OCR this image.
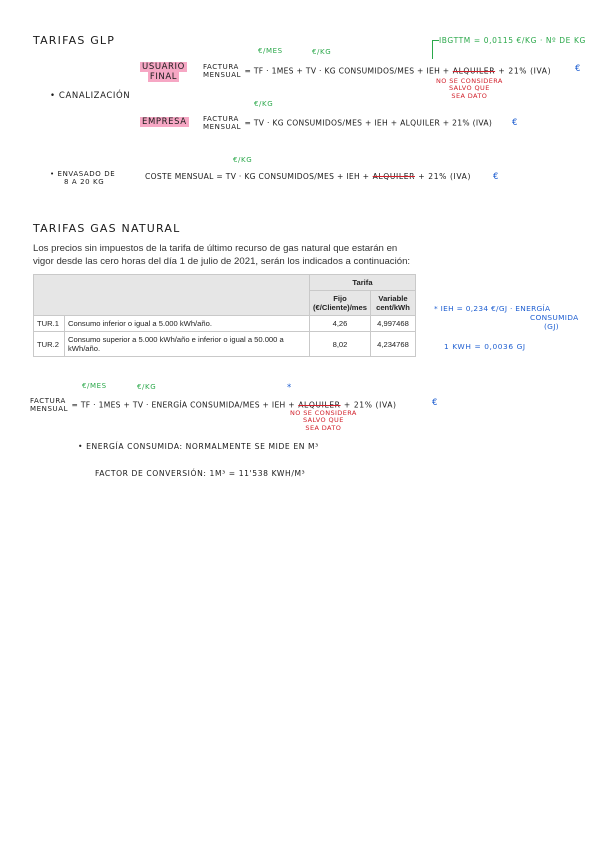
TARIFAS GLP	IBGTTM = 0,0115 €/KG · Nº DE KG
€/MES	€/KG
USUARIO
FINAL
FACTURA
MENSUAL = TF · 1MES + TV · KG CONSUMIDOS/MES + IEH + ALQUILER + 21% (IVA)	€
NO SE CONSIDERA
SALVO QUE
SEA DATO
• CANALIZACIÓN
€/KG
EMPRESA FACTURA
MENSUAL = TV · KG CONSUMIDOS/MES + IEH + ALQUILER + 21% (IVA) €
€/KG
• ENVASADO DE
8 A 20 KG
COSTE MENSUAL = TV · KG CONSUMIDOS/MES + IEH + ALQUILER + 21% (IVA)	€
TARIFAS GAS NATURAL

Los precios sin impuestos de la tarifa de último recurso de gas natural que estarán en vigor desde las cero horas del día 1 de julio de 2021, serán los indicados a continuación:

		Tarifa	
		Fijo (€/Cliente)/mes	Variable cent/kWh
TUR.1	Consumo inferior o igual a 5.000 kWh/año.	4,26	4,997468
TUR.2	Consumo superior a 5.000 kWh/año e inferior o igual a 50.000 a kWh/año.	8,02	4,234768
* IEH = 0,234 €/GJ · ENERGÍA
CONSUMIDA
(GJ)
1 KWH = 0,0036 GJ
€/MES	€/KG	*
FACTURA
MENSUAL = TF · 1MES + TV · ENERGÍA CONSUMIDA/MES + IEH + ALQUILER + 21% (IVA)	€
NO SE CONSIDERA
SALVO QUE
SEA DATO
• ENERGÍA CONSUMIDA: NORMALMENTE SE MIDE EN M³
FACTOR DE CONVERSIÓN: 1M³ = 11'538 KWH/M³
